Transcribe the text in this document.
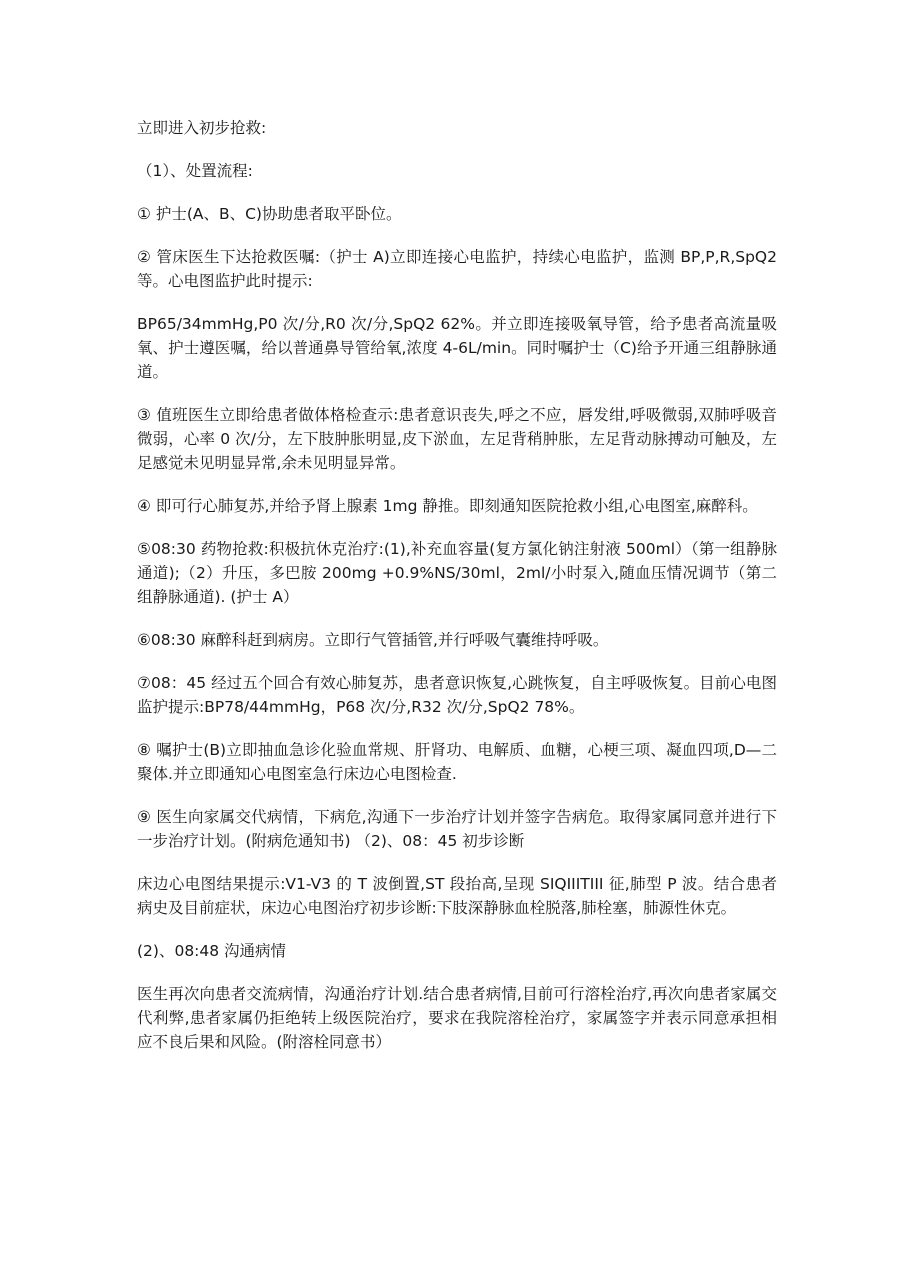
立即进入初步抢救:

（1）、处置流程:

① 护士(A、B、C)协助患者取平卧位。

② 管床医生下达抢救医嘱:（护士 A)立即连接心电监护，持续心电监护，监测 BP,P,R,SpQ2 等。心电图监护此时提示:

BP65/34mmHg,P0 次/分,R0 次/分,SpQ2 62%。并立即连接吸氧导管，给予患者高流量吸氧、护士遵医嘱，给以普通鼻导管给氧,浓度 4-6L/min。同时嘱护士（C)给予开通三组静脉通道。

③ 值班医生立即给患者做体格检查示:患者意识丧失,呼之不应，唇发绀,呼吸微弱,双肺呼吸音微弱，心率 0 次/分，左下肢肿胀明显,皮下淤血，左足背稍肿胀，左足背动脉搏动可触及，左足感觉未见明显异常,余未见明显异常。

④ 即可行心肺复苏,并给予肾上腺素 1mg 静推。即刻通知医院抢救小组,心电图室,麻醉科。

⑤08:30 药物抢救:积极抗休克治疗:(1),补充血容量(复方氯化钠注射液 500ml）（第一组静脉通道);（2）升压，多巴胺 200mg +0.9%NS/30ml，2ml/小时泵入,随血压情况调节（第二组静脉通道). (护士 A）

⑥08:30 麻醉科赶到病房。立即行气管插管,并行呼吸气囊维持呼吸。

⑦08：45 经过五个回合有效心肺复苏，患者意识恢复,心跳恢复，自主呼吸恢复。目前心电图监护提示:BP78/44mmHg，P68 次/分,R32 次/分,SpQ2 78%。

⑧ 嘱护士(B)立即抽血急诊化验血常规、肝肾功、电解质、血糖，心梗三项、凝血四项,D—二聚体.并立即通知心电图室急行床边心电图检查.

⑨ 医生向家属交代病情，下病危,沟通下一步治疗计划并签字告病危。取得家属同意并进行下一步治疗计划。(附病危通知书) （2)、08：45 初步诊断

床边心电图结果提示:V1-V3 的 T 波倒置,ST 段抬高,呈现 SIQIIITIII 征,肺型 P 波。结合患者病史及目前症状，床边心电图治疗初步诊断:下肢深静脉血栓脱落,肺栓塞，肺源性休克。

(2)、08:48 沟通病情

医生再次向患者交流病情，沟通治疗计划.结合患者病情,目前可行溶栓治疗,再次向患者家属交代利弊,患者家属仍拒绝转上级医院治疗，要求在我院溶栓治疗，家属签字并表示同意承担相应不良后果和风险。(附溶栓同意书）
